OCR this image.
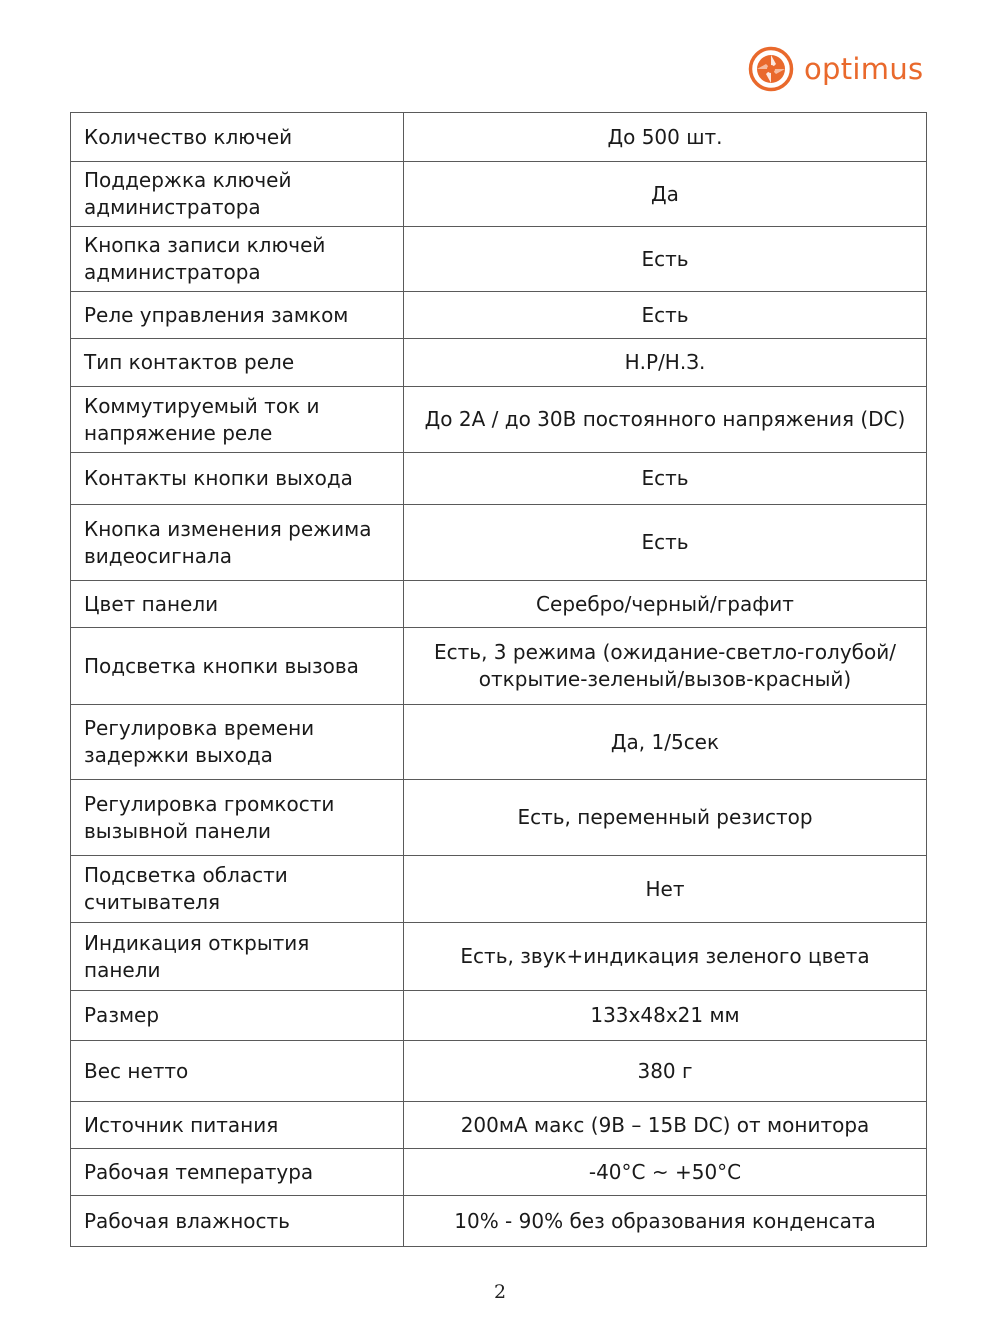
optimus
Количество ключей	До 500 шт.
Поддержка ключей администратора	Да
Кнопка записи ключей администратора	Есть
Реле управления замком	Есть
Тип контактов реле	Н.Р/Н.З.
Коммутируемый ток и напряжение реле	До 2А / до 30В постоянного напряжения (DC)
Контакты кнопки выхода	Есть
Кнопка изменения режима видеосигнала	Есть
Цвет панели	Серебро/черный/графит
Подсветка кнопки вызова	Есть, 3 режима (ожидание-светло-голубой/открытие-зеленый/вызов-красный)
Регулировка времени задержки выхода	Да, 1/5сек
Регулировка громкости вызывной панели	Есть, переменный резистор
Подсветка области считывателя	Нет
Индикация открытия панели	Есть, звук+индикация зеленого цвета
Размер	133х48х21 мм
Вес нетто	380 г
Источник питания	200мА макс (9В – 15В DC) от монитора
Рабочая температура	-40°С ~ +50°С
Рабочая влажность	10% - 90% без образования конденсата
2
